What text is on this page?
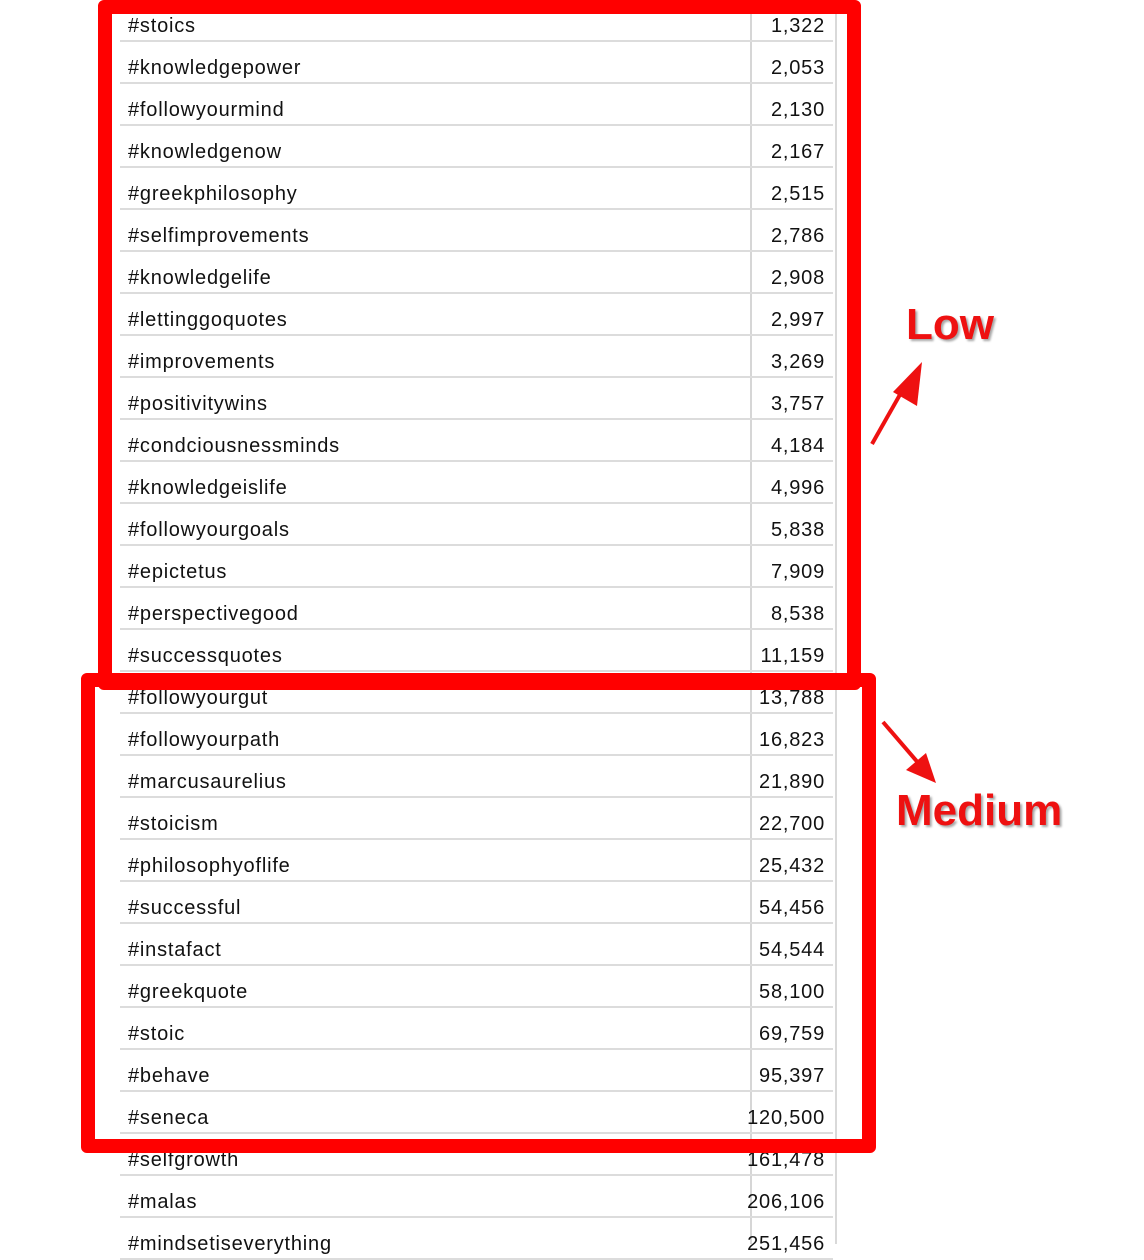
#stoics	1,322
#knowledgepower	2,053
#followyourmind	2,130
#knowledgenow	2,167
#greekphilosophy	2,515
#selfimprovements	2,786
#knowledgelife	2,908
#lettinggoquotes	2,997
#improvements	3,269
#positivitywins	3,757
#condciousnessminds	4,184
#knowledgeislife	4,996
#followyourgoals	5,838
#epictetus	7,909
#perspectivegood	8,538
#successquotes	11,159
#followyourgut	13,788
#followyourpath	16,823
#marcusaurelius	21,890
#stoicism	22,700
#philosophyoflife	25,432
#successful	54,456
#instafact	54,544
#greekquote	58,100
#stoic	69,759
#behave	95,397
#seneca	120,500
#selfgrowth	161,478
#malas	206,106
#mindsetiseverything	251,456
Low
Medium
